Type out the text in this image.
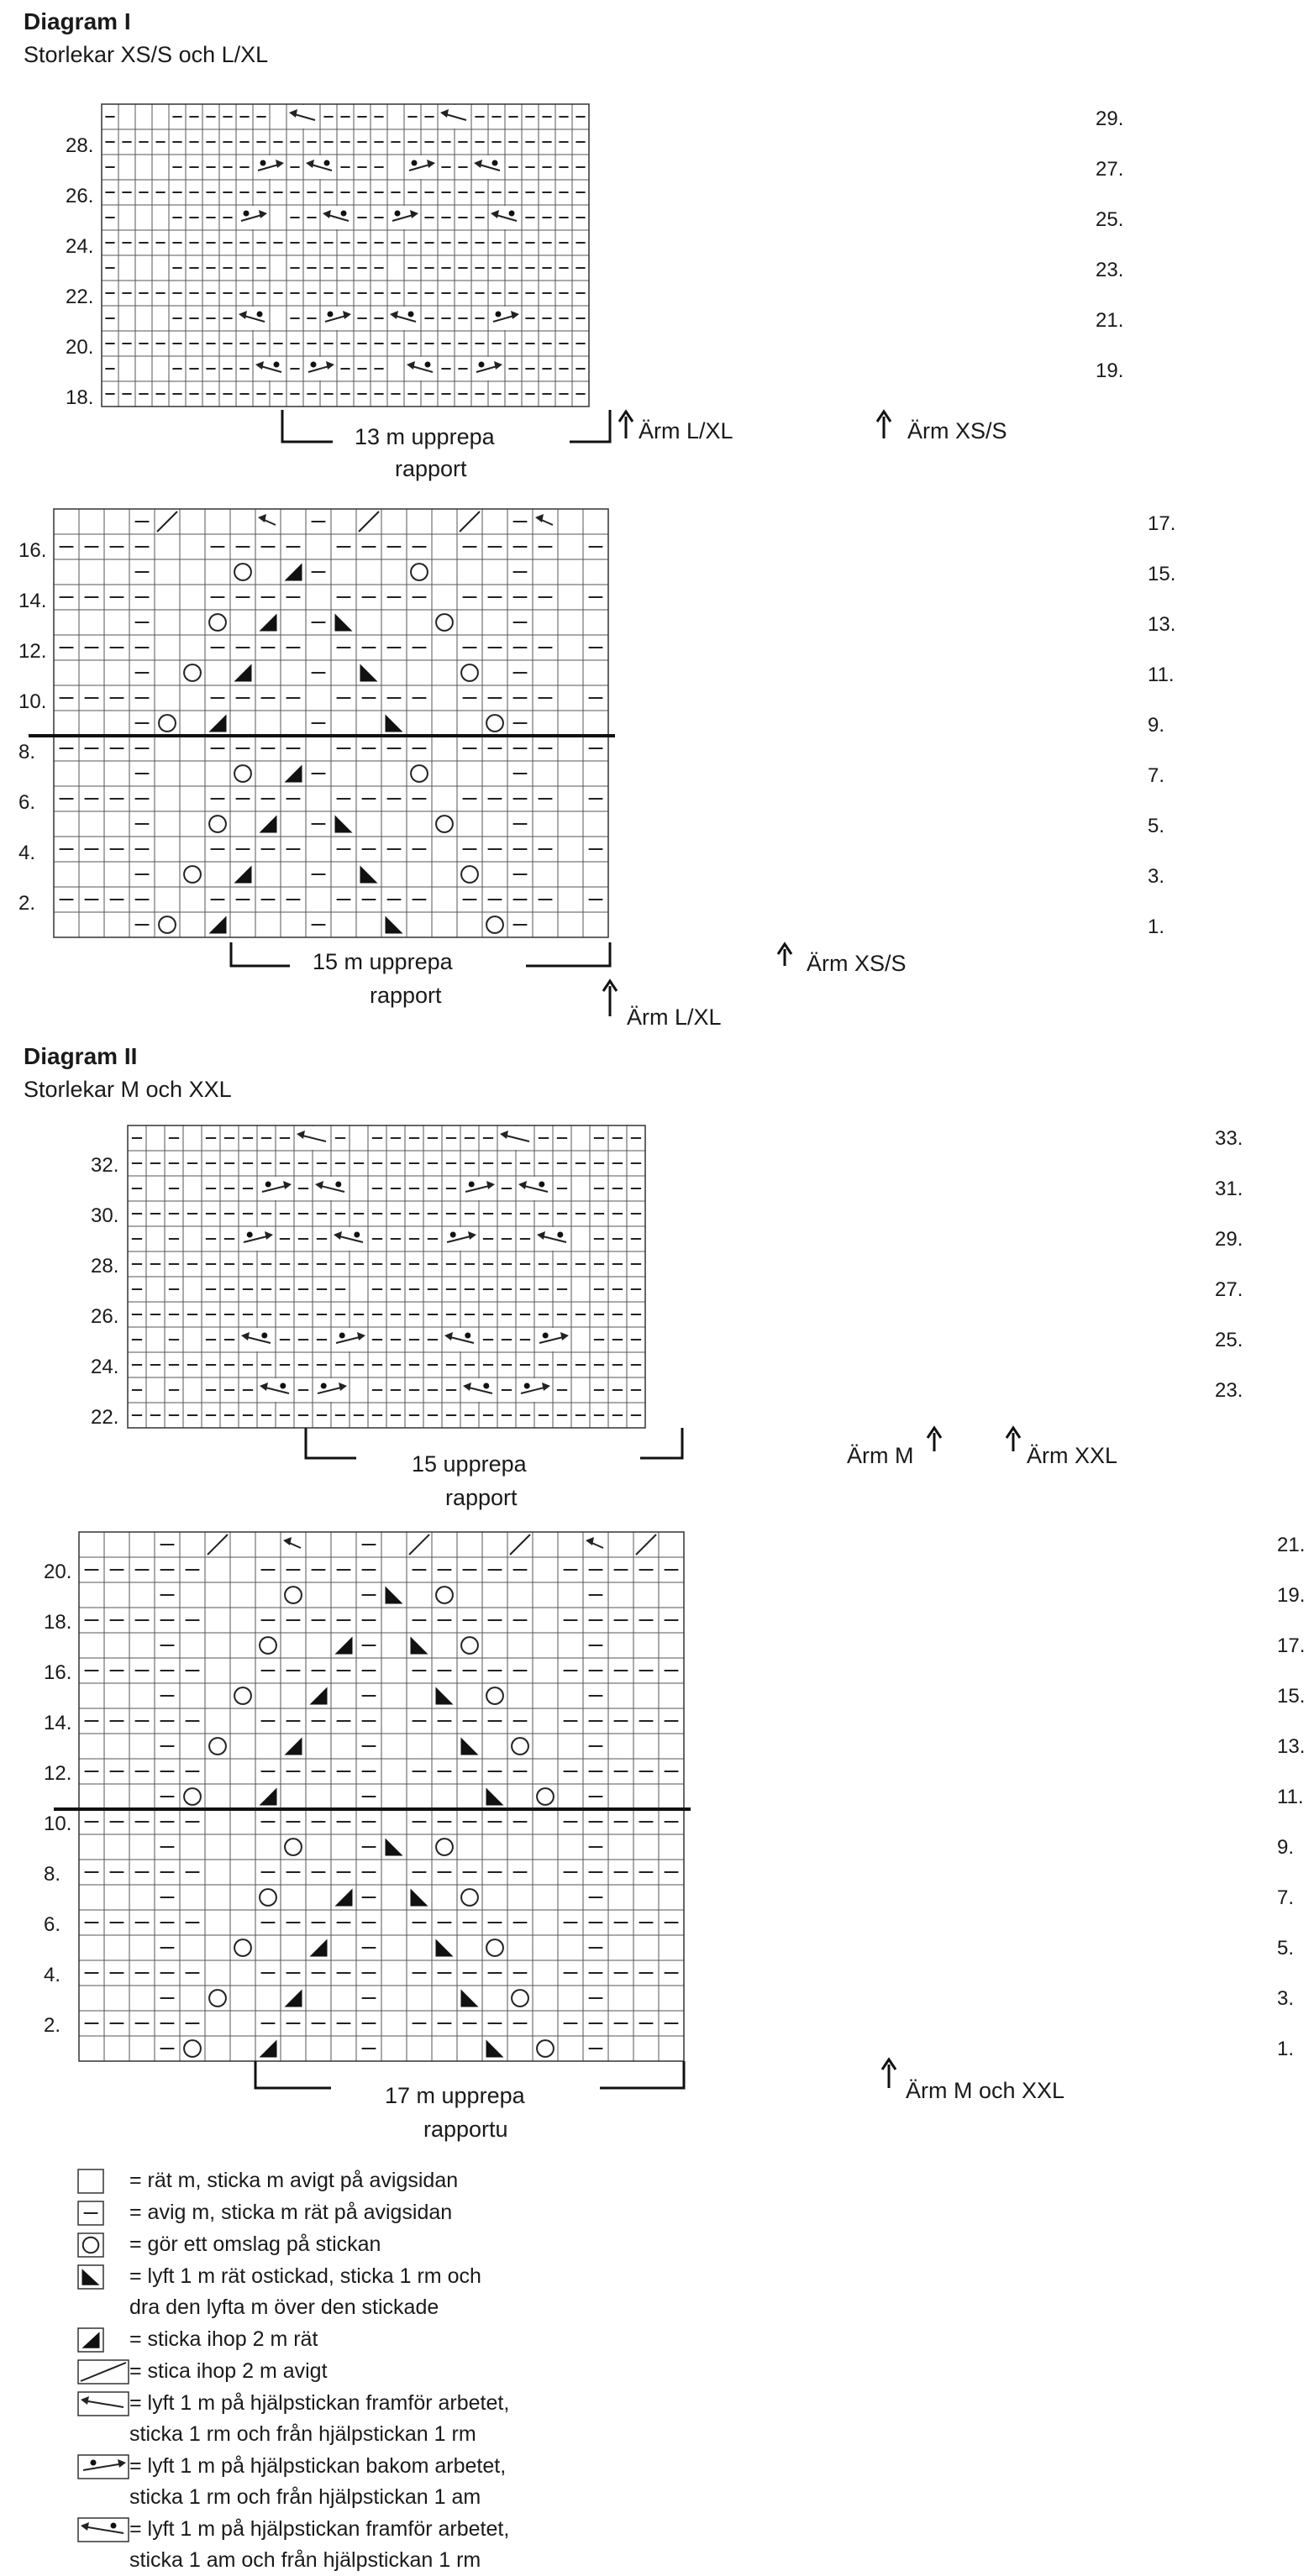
Diagram I
Storlekar XS/S och L/XL
Diagram II
Storlekar M och XXL
28.
26.
24.
22.
20.
18.
29.
27.
25.
23.
21.
19.
16.
14.
12.
10.
8.
6.
4.
2.
17.
15.
13.
11.
9.
7.
5.
3.
1.
32.
30.
28.
26.
24.
22.
33.
31.
29.
27.
25.
23.
20.
18.
16.
14.
12.
10.
8.
6.
4.
2.
21.
19.
17.
15.
13.
11.
9.
7.
5.
3.
1.
13 m upprepa
rapport
Ärm L/XL	Ärm XS/S
15 m upprepa
rapport
Ärm XS/S
Ärm L/XL
15 upprepa
rapport
Ärm M	Ärm XXL
17 m upprepa
rapportu
Ärm M och XXL
= rät m, sticka m avigt på avigsidan
= avig m, sticka m rät på avigsidan
= gör ett omslag på stickan
= lyft 1 m rät ostickad, sticka 1 rm och
dra den lyfta m över den stickade
= sticka ihop 2 m rät
= stica ihop 2 m avigt
= lyft 1 m på hjälpstickan framför arbetet,
sticka 1 rm och från hjälpstickan 1 rm
= lyft 1 m på hjälpstickan bakom arbetet,
sticka 1 rm och från hjälpstickan 1 am
= lyft 1 m på hjälpstickan framför arbetet,
sticka 1 am och från hjälpstickan 1 rm
